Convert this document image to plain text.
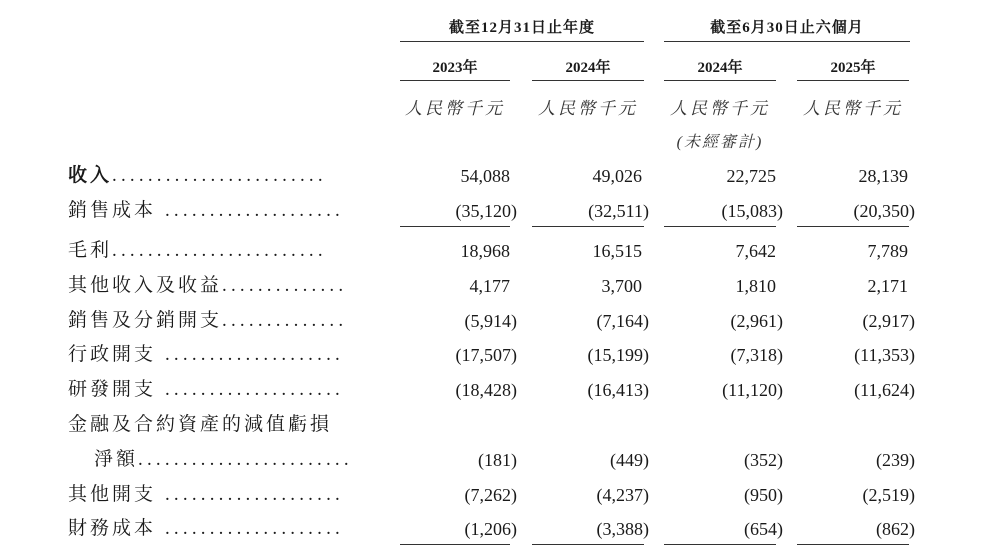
截至12月31日止年度	截至6月30日止六個月
2023年	2024年	2024年	2025年
人民幣千元	人民幣千元	人民幣千元	人民幣千元
(未經審計)
收入........................	54,088	49,026	22,725	28,139
銷售成本 ....................	(35,120)	(32,511)	(15,083)	(20,350)
毛利........................	18,968	16,515	7,642	7,789
其他收入及收益..............	4,177	3,700	1,810	2,171
銷售及分銷開支..............	(5,914)	(7,164)	(2,961)	(2,917)
行政開支 ....................	(17,507)	(15,199)	(7,318)	(11,353)
研發開支 ....................	(18,428)	(16,413)	(11,120)	(11,624)
金融及合約資產的減值虧損
淨額........................	(181)	(449)	(352)	(239)
其他開支 ....................	(7,262)	(4,237)	(950)	(2,519)
財務成本 ....................	(1,206)	(3,388)	(654)	(862)
